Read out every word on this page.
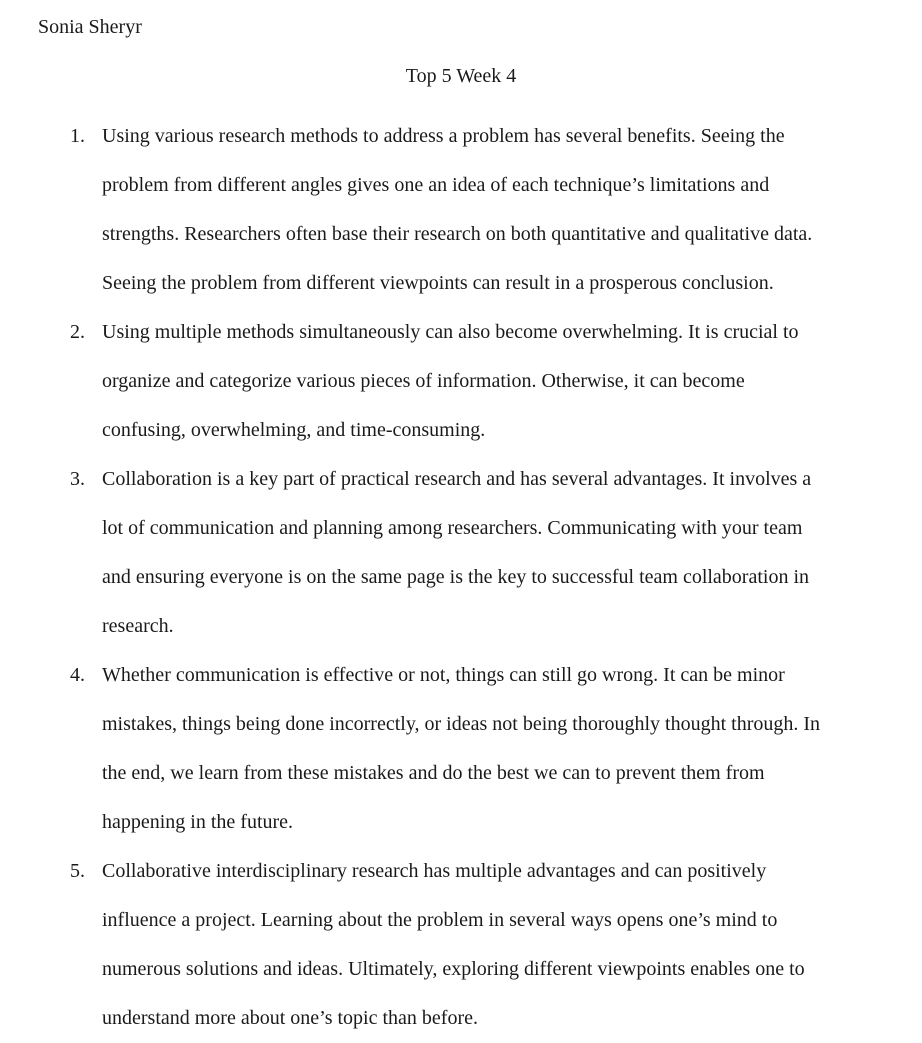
Sonia Sheryr

Top 5 Week 4
1. Using various research methods to address a problem has several benefits. Seeing the
problem from different angles gives one an idea of each technique’s limitations and
strengths. Researchers often base their research on both quantitative and qualitative data.
Seeing the problem from different viewpoints can result in a prosperous conclusion.
2. Using multiple methods simultaneously can also become overwhelming. It is crucial to
organize and categorize various pieces of information. Otherwise, it can become
confusing, overwhelming, and time-consuming.
3. Collaboration is a key part of practical research and has several advantages. It involves a
lot of communication and planning among researchers. Communicating with your team
and ensuring everyone is on the same page is the key to successful team collaboration in
research.
4. Whether communication is effective or not, things can still go wrong. It can be minor
mistakes, things being done incorrectly, or ideas not being thoroughly thought through. In
the end, we learn from these mistakes and do the best we can to prevent them from
happening in the future.
5. Collaborative interdisciplinary research has multiple advantages and can positively
influence a project. Learning about the problem in several ways opens one’s mind to
numerous solutions and ideas. Ultimately, exploring different viewpoints enables one to
understand more about one’s topic than before.
